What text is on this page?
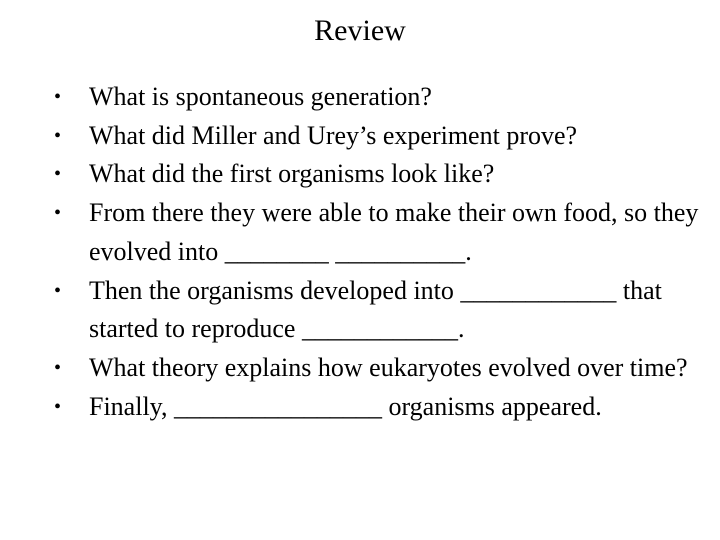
Review
•	What is spontaneous generation?
•	What did Miller and Urey’s experiment prove?
•	What did the first organisms look like?
•	From there they were able to make their own food, so they evolved into ________ __________.
•	Then the organisms developed into ____________ that started to reproduce ____________.
•	What theory explains how eukaryotes evolved over time?
•	Finally, ________________ organisms appeared.
